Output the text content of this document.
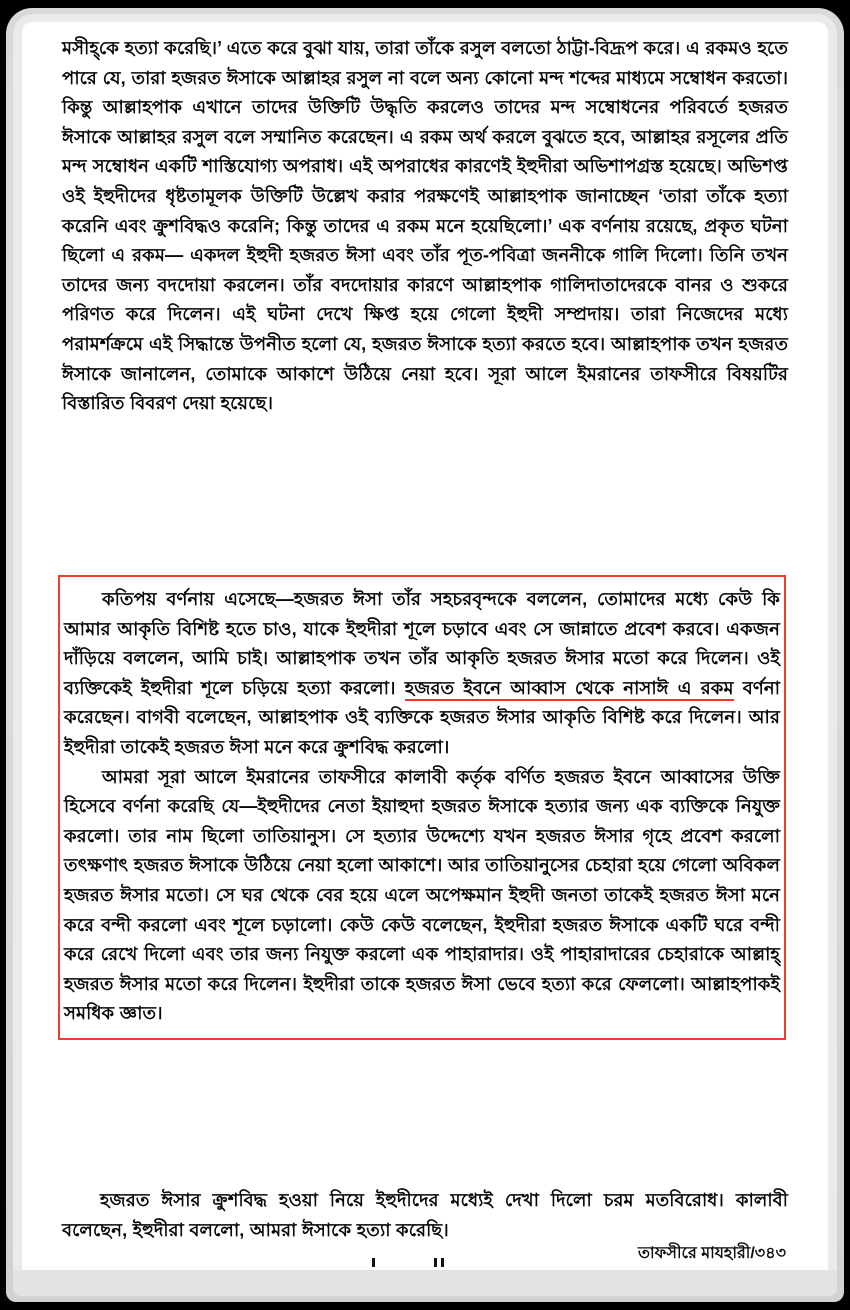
মসীহ্‌কে হত্যা করেছি।’ এতে করে বুঝা যায়, তারা তাঁকে রসুল বলতো ঠাট্টা-বিদ্রূপ করে। এ রকমও হতে পারে যে, তারা হজরত ঈসাকে আল্লাহর রসুল না বলে অন্য কোনো মন্দ শব্দের মাধ্যমে সম্বোধন করতো। কিন্তু আল্লাহপাক এখানে তাদের উক্তিটি উদ্ধৃতি করলেও তাদের মন্দ সম্বোধনের পরিবর্তে হজরত ঈসাকে আল্লাহর রসুল বলে সম্মানিত করেছেন। এ রকম অর্থ করলে বুঝতে হবে, আল্লাহর রসূলের প্রতি মন্দ সম্বোধন একটি শাস্তিযোগ্য অপরাধ। এই অপরাধের কারণেই ইহুদীরা অভিশাপগ্রস্ত হয়েছে। অভিশপ্ত ওই ইহুদীদের ধৃষ্টতামূলক উক্তিটি উল্লেখ করার পরক্ষণেই আল্লাহপাক জানাচ্ছেন ‘তারা তাঁকে হত্যা করেনি এবং ক্রুশবিদ্ধও করেনি; কিন্তু তাদের এ রকম মনে হয়েছিলো।’ এক বর্ণনায় রয়েছে, প্রকৃত ঘটনা ছিলো এ রকম— একদল ইহুদী হজরত ঈসা এবং তাঁর পূত-পবিত্রা জননীকে গালি দিলো। তিনি তখন তাদের জন্য বদদোয়া করলেন। তাঁর বদদোয়ার কারণে আল্লাহপাক গালিদাতাদেরকে বানর ও শুকরে পরিণত করে দিলেন। এই ঘটনা দেখে ক্ষিপ্ত হয়ে গেলো ইহুদী সম্প্রদায়। তারা নিজেদের মধ্যে পরামর্শক্রমে এই সিদ্ধান্তে উপনীত হলো যে, হজরত ঈসাকে হত্যা করতে হবে। আল্লাহপাক তখন হজরত ঈসাকে জানালেন, তোমাকে আকাশে উঠিয়ে নেয়া হবে। সূরা আলে ইমরানের তাফসীরে বিষয়টির বিস্তারিত বিবরণ দেয়া হয়েছে।

কতিপয় বর্ণনায় এসেছে—হজরত ঈসা তাঁর সহচরবৃন্দকে বললেন, তোমাদের মধ্যে কেউ কি আমার আকৃতি বিশিষ্ট হতে চাও, যাকে ইহুদীরা শূলে চড়াবে এবং সে জান্নাতে প্রবেশ করবে। একজন দাঁড়িয়ে বললেন, আমি চাই। আল্লাহপাক তখন তাঁর আকৃতি হজরত ঈসার মতো করে দিলেন। ওই ব্যক্তিকেই ইহুদীরা শূলে চড়িয়ে হত্যা করলো। হজরত ইবনে আব্বাস থেকে নাসাঈ এ রকম বর্ণনা করেছেন। বাগবী বলেছেন, আল্লাহপাক ওই ব্যক্তিকে হজরত ঈসার আকৃতি বিশিষ্ট করে দিলেন। আর ইহুদীরা তাকেই হজরত ঈসা মনে করে ক্রুশবিদ্ধ করলো।

আমরা সূরা আলে ইমরানের তাফসীরে কালাবী কর্তৃক বর্ণিত হজরত ইবনে আব্বাসের উক্তি হিসেবে বর্ণনা করেছি যে—ইহুদীদের নেতা ইয়াহুদা হজরত ঈসাকে হত্যার জন্য এক ব্যক্তিকে নিযুক্ত করলো। তার নাম ছিলো তাতিয়ানুস। সে হত্যার উদ্দেশ্যে যখন হজরত ঈসার গৃহে প্রবেশ করলো তৎক্ষণাৎ হজরত ঈসাকে উঠিয়ে নেয়া হলো আকাশে। আর তাতিয়ানুসের চেহারা হয়ে গেলো অবিকল হজরত ঈসার মতো। সে ঘর থেকে বের হয়ে এলে অপেক্ষমান ইহুদী জনতা তাকেই হজরত ঈসা মনে করে বন্দী করলো এবং শূলে চড়ালো। কেউ কেউ বলেছেন, ইহুদীরা হজরত ঈসাকে একটি ঘরে বন্দী করে রেখে দিলো এবং তার জন্য নিযুক্ত করলো এক পাহারাদার। ওই পাহারাদারের চেহারাকে আল্লাহ্ হজরত ঈসার মতো করে দিলেন। ইহুদীরা তাকে হজরত ঈসা ভেবে হত্যা করে ফেললো। আল্লাহপাকই সমধিক জ্ঞাত।

হজরত ঈসার ক্রুশবিদ্ধ হওয়া নিয়ে ইহুদীদের মধ্যেই দেখা দিলো চরম মতবিরোধ। কালাবী বলেছেন, ইহুদীরা বললো, আমরা ঈসাকে হত্যা করেছি।

তাফসীরে মাযহারী/৩৪৩
